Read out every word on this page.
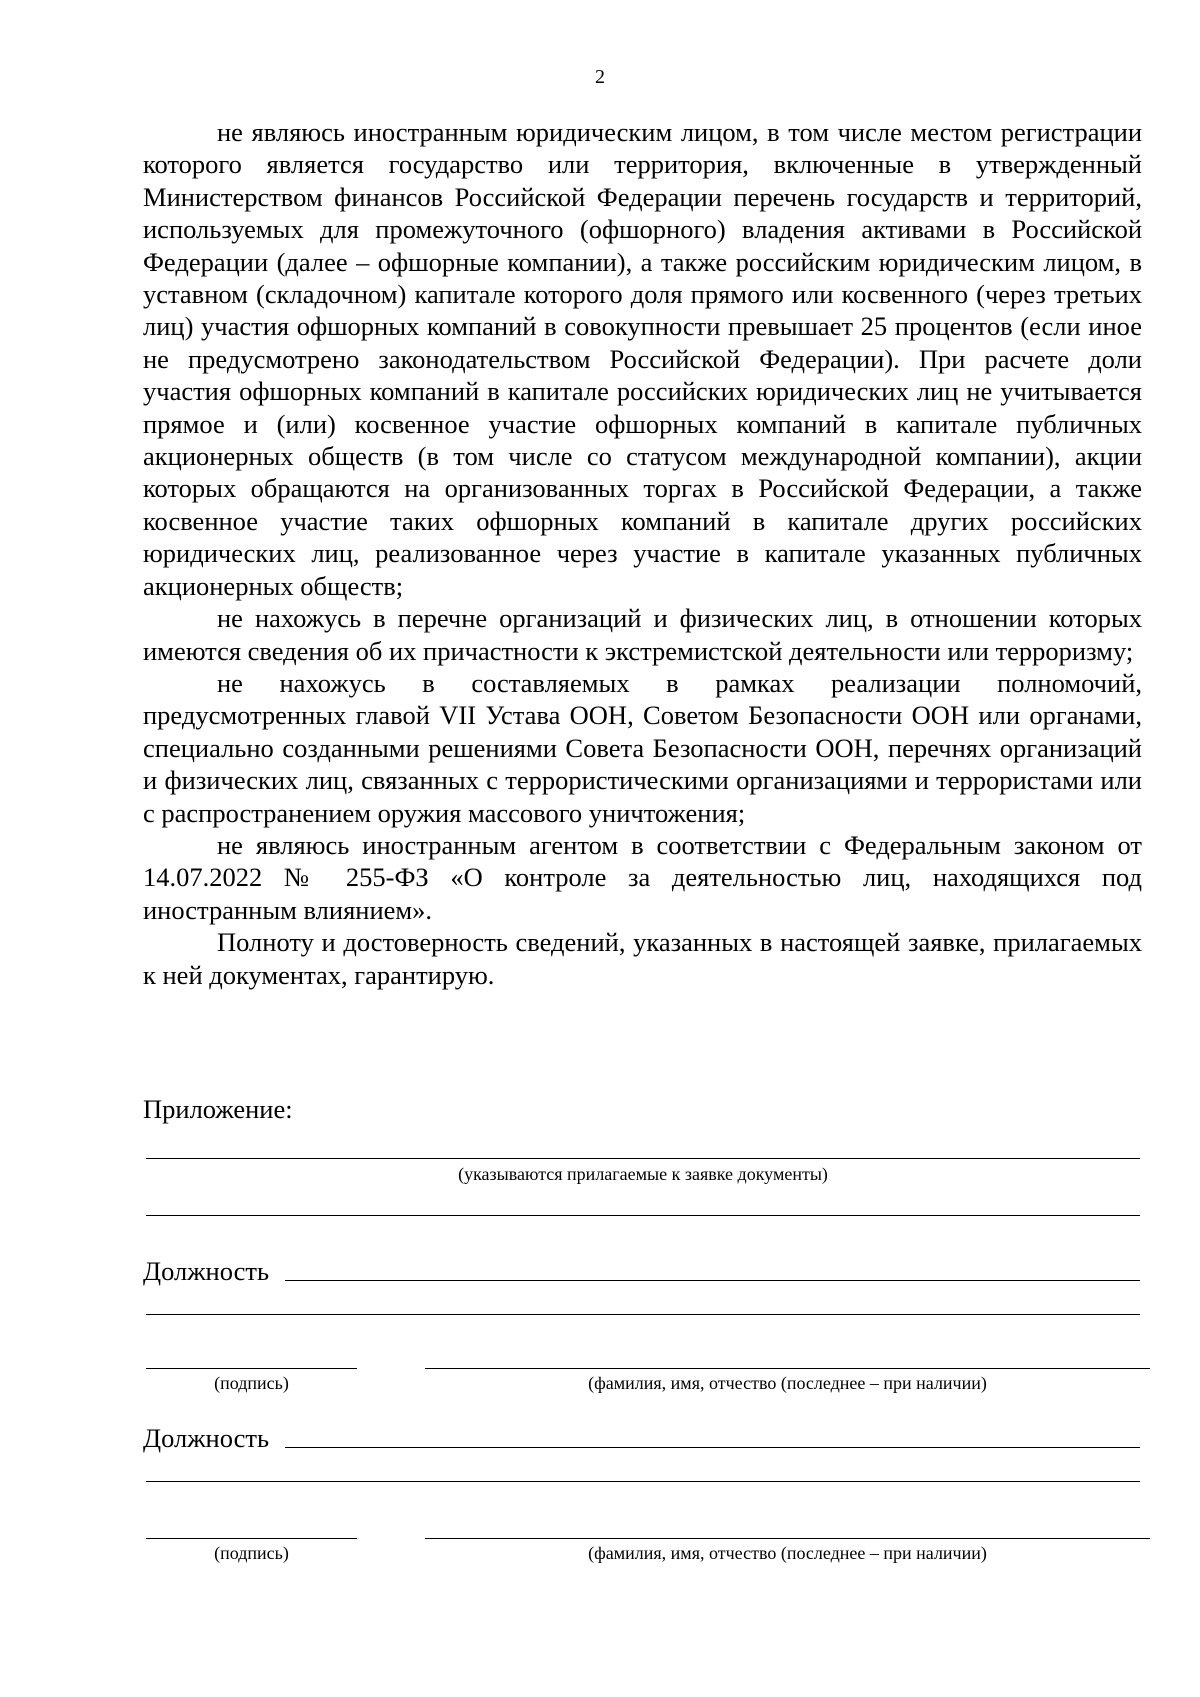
2

не являюсь иностранным юридическим лицом, в том числе местом регистрации которого является государство или территория, включенные в утвержденный Министерством финансов Российской Федерации перечень государств и территорий, используемых для промежуточного (офшорного) владения активами в Российской Федерации (далее – офшорные компании), а также российским юридическим лицом, в уставном (складочном) капитале которого доля прямого или косвенного (через третьих лиц) участия офшорных компаний в совокупности превышает 25 процентов (если иное не предусмотрено законодательством Российской Федерации). При расчете доли участия офшорных компаний в капитале российских юридических лиц не учитывается прямое и (или) косвенное участие офшорных компаний в капитале публичных акционерных обществ (в том числе со статусом международной компании), акции которых обращаются на организованных торгах в Российской Федерации, а также косвенное участие таких офшорных компаний в капитале других российских юридических лиц, реализованное через участие в капитале указанных публичных акционерных обществ;

не нахожусь в перечне организаций и физических лиц, в отношении которых имеются сведения об их причастности к экстремистской деятельности или терроризму;

не нахожусь в составляемых в рамках реализации полномочий, предусмотренных главой VII Устава ООН, Советом Безопасности ООН или органами, специально созданными решениями Совета Безопасности ООН, перечнях организаций и физических лиц, связанных с террористическими организациями и террористами или с распространением оружия массового уничтожения;

не являюсь иностранным агентом в соответствии с Федеральным законом от 14.07.2022 № 255-ФЗ «О контроле за деятельностью лиц, находящихся под иностранным влиянием».

Полноту и достоверность сведений, указанных в настоящей заявке, прилагаемых к ней документах, гарантирую.

Приложение:
(указываются прилагаемые к заявке документы)
Должность
(подпись)	(фамилия, имя, отчество (последнее – при наличии)
Должность
(подпись)	(фамилия, имя, отчество (последнее – при наличии)
